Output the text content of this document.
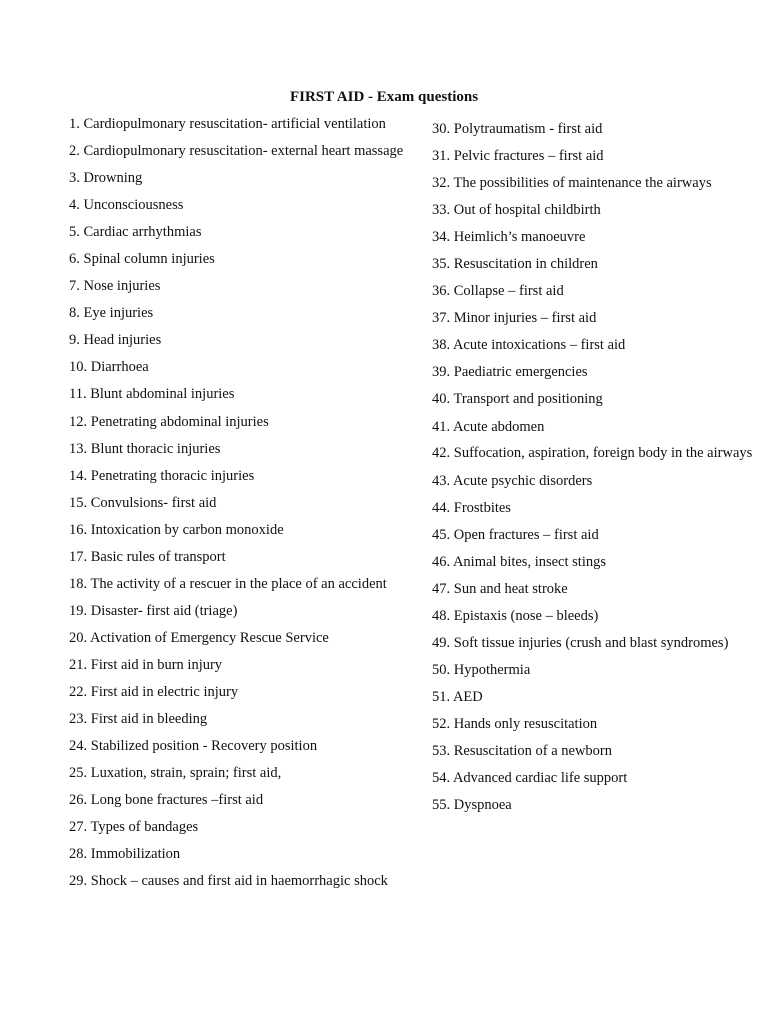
FIRST AID - Exam questions
1. Cardiopulmonary resuscitation- artificial ventilation
2. Cardiopulmonary resuscitation- external heart massage
3. Drowning
4. Unconsciousness
5. Cardiac arrhythmias
6. Spinal column injuries
7. Nose injuries
8. Eye injuries
9. Head injuries
10. Diarrhoea
11. Blunt abdominal injuries
12. Penetrating abdominal injuries
13. Blunt thoracic injuries
14. Penetrating thoracic injuries
15. Convulsions- first aid
16. Intoxication by carbon monoxide
17. Basic rules of transport
18. The activity of a rescuer in the place of an accident
19. Disaster- first aid (triage)
20. Activation of Emergency Rescue Service
21. First aid in burn injury
22. First aid in electric injury
23. First aid in bleeding
24. Stabilized position - Recovery position
25. Luxation, strain, sprain; first aid,
26. Long bone fractures –first aid
27. Types of bandages
28. Immobilization
29. Shock – causes and first aid in haemorrhagic shock
30. Polytraumatism - first aid
31. Pelvic fractures – first aid
32. The possibilities of maintenance the airways
33. Out of hospital childbirth
34. Heimlich’s manoeuvre
35. Resuscitation in children
36. Collapse – first aid
37. Minor injuries – first aid
38. Acute intoxications – first aid
39. Paediatric emergencies
40. Transport and positioning
41. Acute abdomen
42. Suffocation, aspiration, foreign body in the airways
43. Acute psychic disorders
44. Frostbites
45. Open fractures – first aid
46. Animal bites, insect stings
47. Sun and heat stroke
48. Epistaxis (nose – bleeds)
49. Soft tissue injuries (crush and blast syndromes)
50. Hypothermia
51. AED
52. Hands only resuscitation
53. Resuscitation of a newborn
54. Advanced cardiac life support
55. Dyspnoea
